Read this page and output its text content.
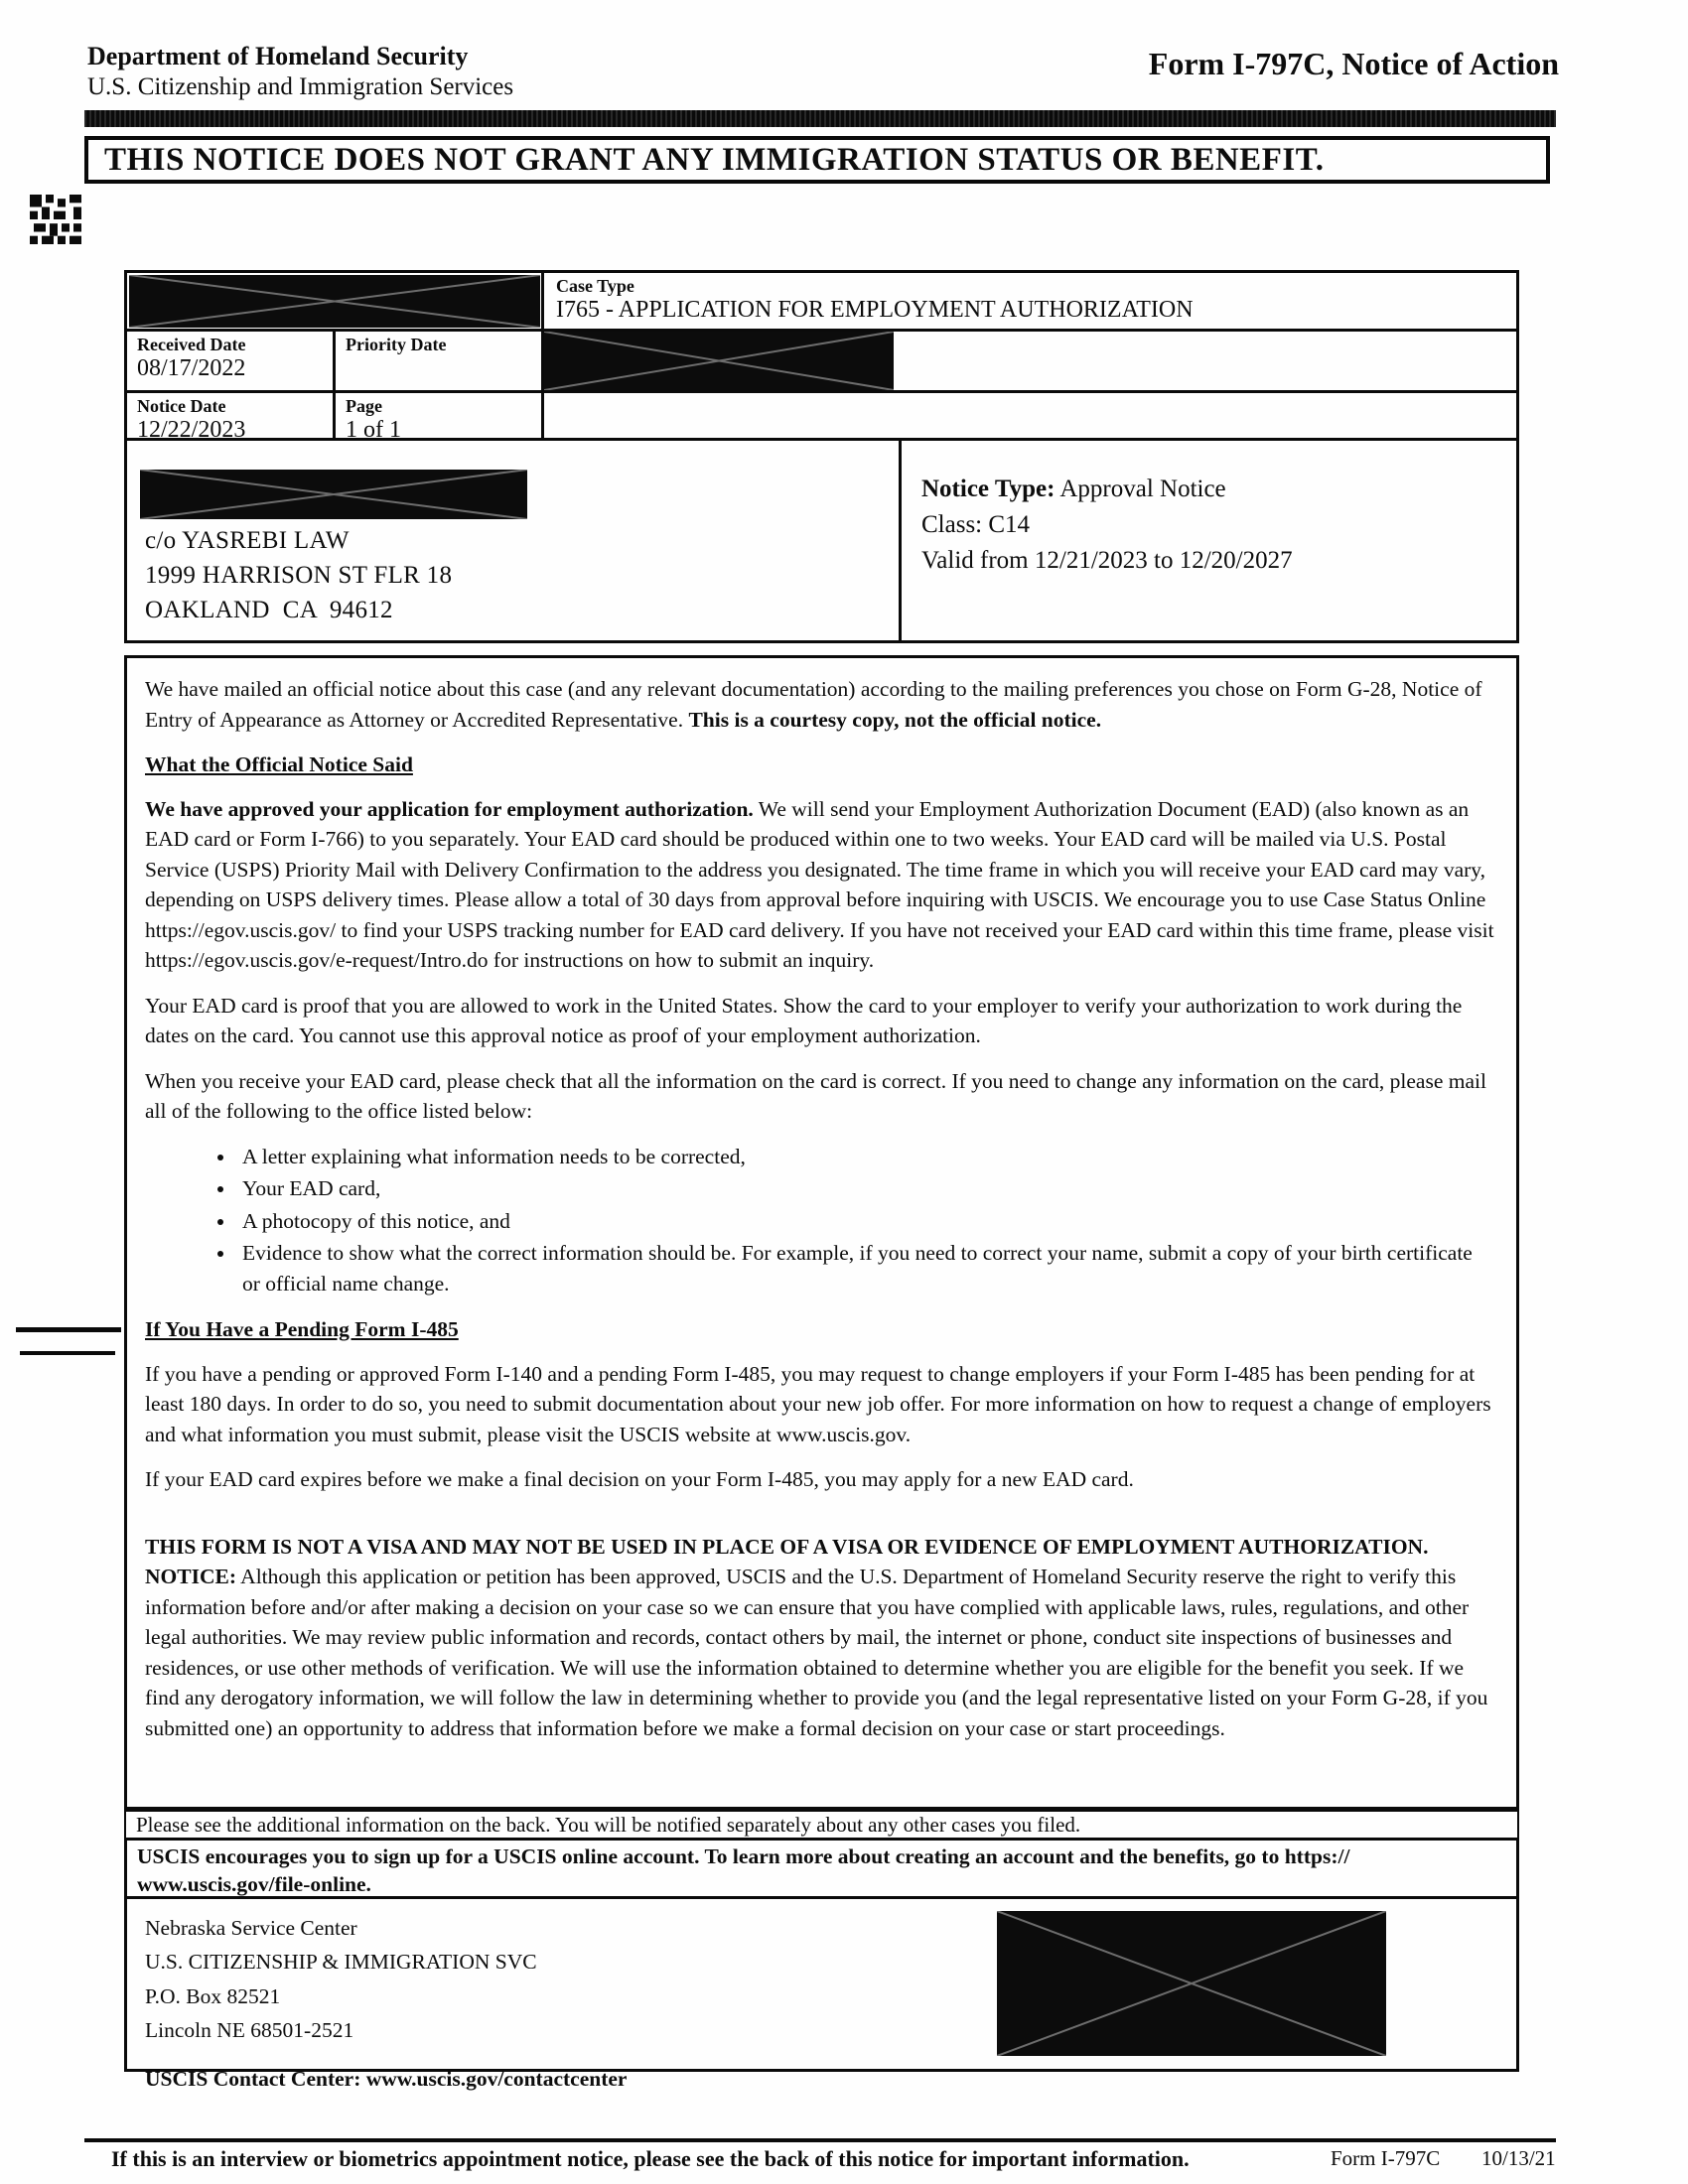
Department of Homeland Security
U.S. Citizenship and Immigration Services
Form I-797C, Notice of Action
THIS NOTICE DOES NOT GRANT ANY IMMIGRATION STATUS OR BENEFIT.
Case Type
I765 - APPLICATION FOR EMPLOYMENT AUTHORIZATION
Received Date
08/17/2022
Priority Date
Notice Date
12/22/2023
Page
1 of 1
c/o YASREBI LAW
1999 HARRISON ST FLR 18
OAKLAND  CA  94612
Notice Type: Approval Notice
Class: C14
Valid from 12/21/2023 to 12/20/2027

We have mailed an official notice about this case (and any relevant documentation) according to the mailing preferences you chose on Form G-28, Notice of Entry of Appearance as Attorney or Accredited Representative. This is a courtesy copy, not the official notice.

What the Official Notice Said

We have approved your application for employment authorization. We will send your Employment Authorization Document (EAD) (also known as an EAD card or Form I-766) to you separately. Your EAD card should be produced within one to two weeks. Your EAD card will be mailed via U.S. Postal Service (USPS) Priority Mail with Delivery Confirmation to the address you designated. The time frame in which you will receive your EAD card may vary, depending on USPS delivery times. Please allow a total of 30 days from approval before inquiring with USCIS. We encourage you to use Case Status Online https://egov.uscis.gov/ to find your USPS tracking number for EAD card delivery. If you have not received your EAD card within this time frame, please visit https://egov.uscis.gov/e-request/Intro.do for instructions on how to submit an inquiry.

Your EAD card is proof that you are allowed to work in the United States. Show the card to your employer to verify your authorization to work during the dates on the card. You cannot use this approval notice as proof of your employment authorization.

When you receive your EAD card, please check that all the information on the card is correct. If you need to change any information on the card, please mail all of the following to the office listed below:

• A letter explaining what information needs to be corrected,
• Your EAD card,
• A photocopy of this notice, and
• Evidence to show what the correct information should be. For example, if you need to correct your name, submit a copy of your birth certificate or official name change.
If You Have a Pending Form I-485

If you have a pending or approved Form I-140 and a pending Form I-485, you may request to change employers if your Form I-485 has been pending for at least 180 days. In order to do so, you need to submit documentation about your new job offer. For more information on how to request a change of employers and what information you must submit, please visit the USCIS website at www.uscis.gov.

If your EAD card expires before we make a final decision on your Form I-485, you may apply for a new EAD card.

THIS FORM IS NOT A VISA AND MAY NOT BE USED IN PLACE OF A VISA OR EVIDENCE OF EMPLOYMENT AUTHORIZATION. NOTICE: Although this application or petition has been approved, USCIS and the U.S. Department of Homeland Security reserve the right to verify this information before and/or after making a decision on your case so we can ensure that you have complied with applicable laws, rules, regulations, and other legal authorities. We may review public information and records, contact others by mail, the internet or phone, conduct site inspections of businesses and residences, or use other methods of verification. We will use the information obtained to determine whether you are eligible for the benefit you seek. If we find any derogatory information, we will follow the law in determining whether to provide you (and the legal representative listed on your Form G-28, if you submitted one) an opportunity to address that information before we make a formal decision on your case or start proceedings.

Please see the additional information on the back. You will be notified separately about any other cases you filed.
USCIS encourages you to sign up for a USCIS online account. To learn more about creating an account and the benefits, go to https://
www.uscis.gov/file-online.
Nebraska Service Center
U.S. CITIZENSHIP & IMMIGRATION SVC
P.O. Box 82521
Lincoln NE 68501-2521
USCIS Contact Center: www.uscis.gov/contactcenter
If this is an interview or biometrics appointment notice, please see the back of this notice for important information.	Form I-797C	10/13/21
